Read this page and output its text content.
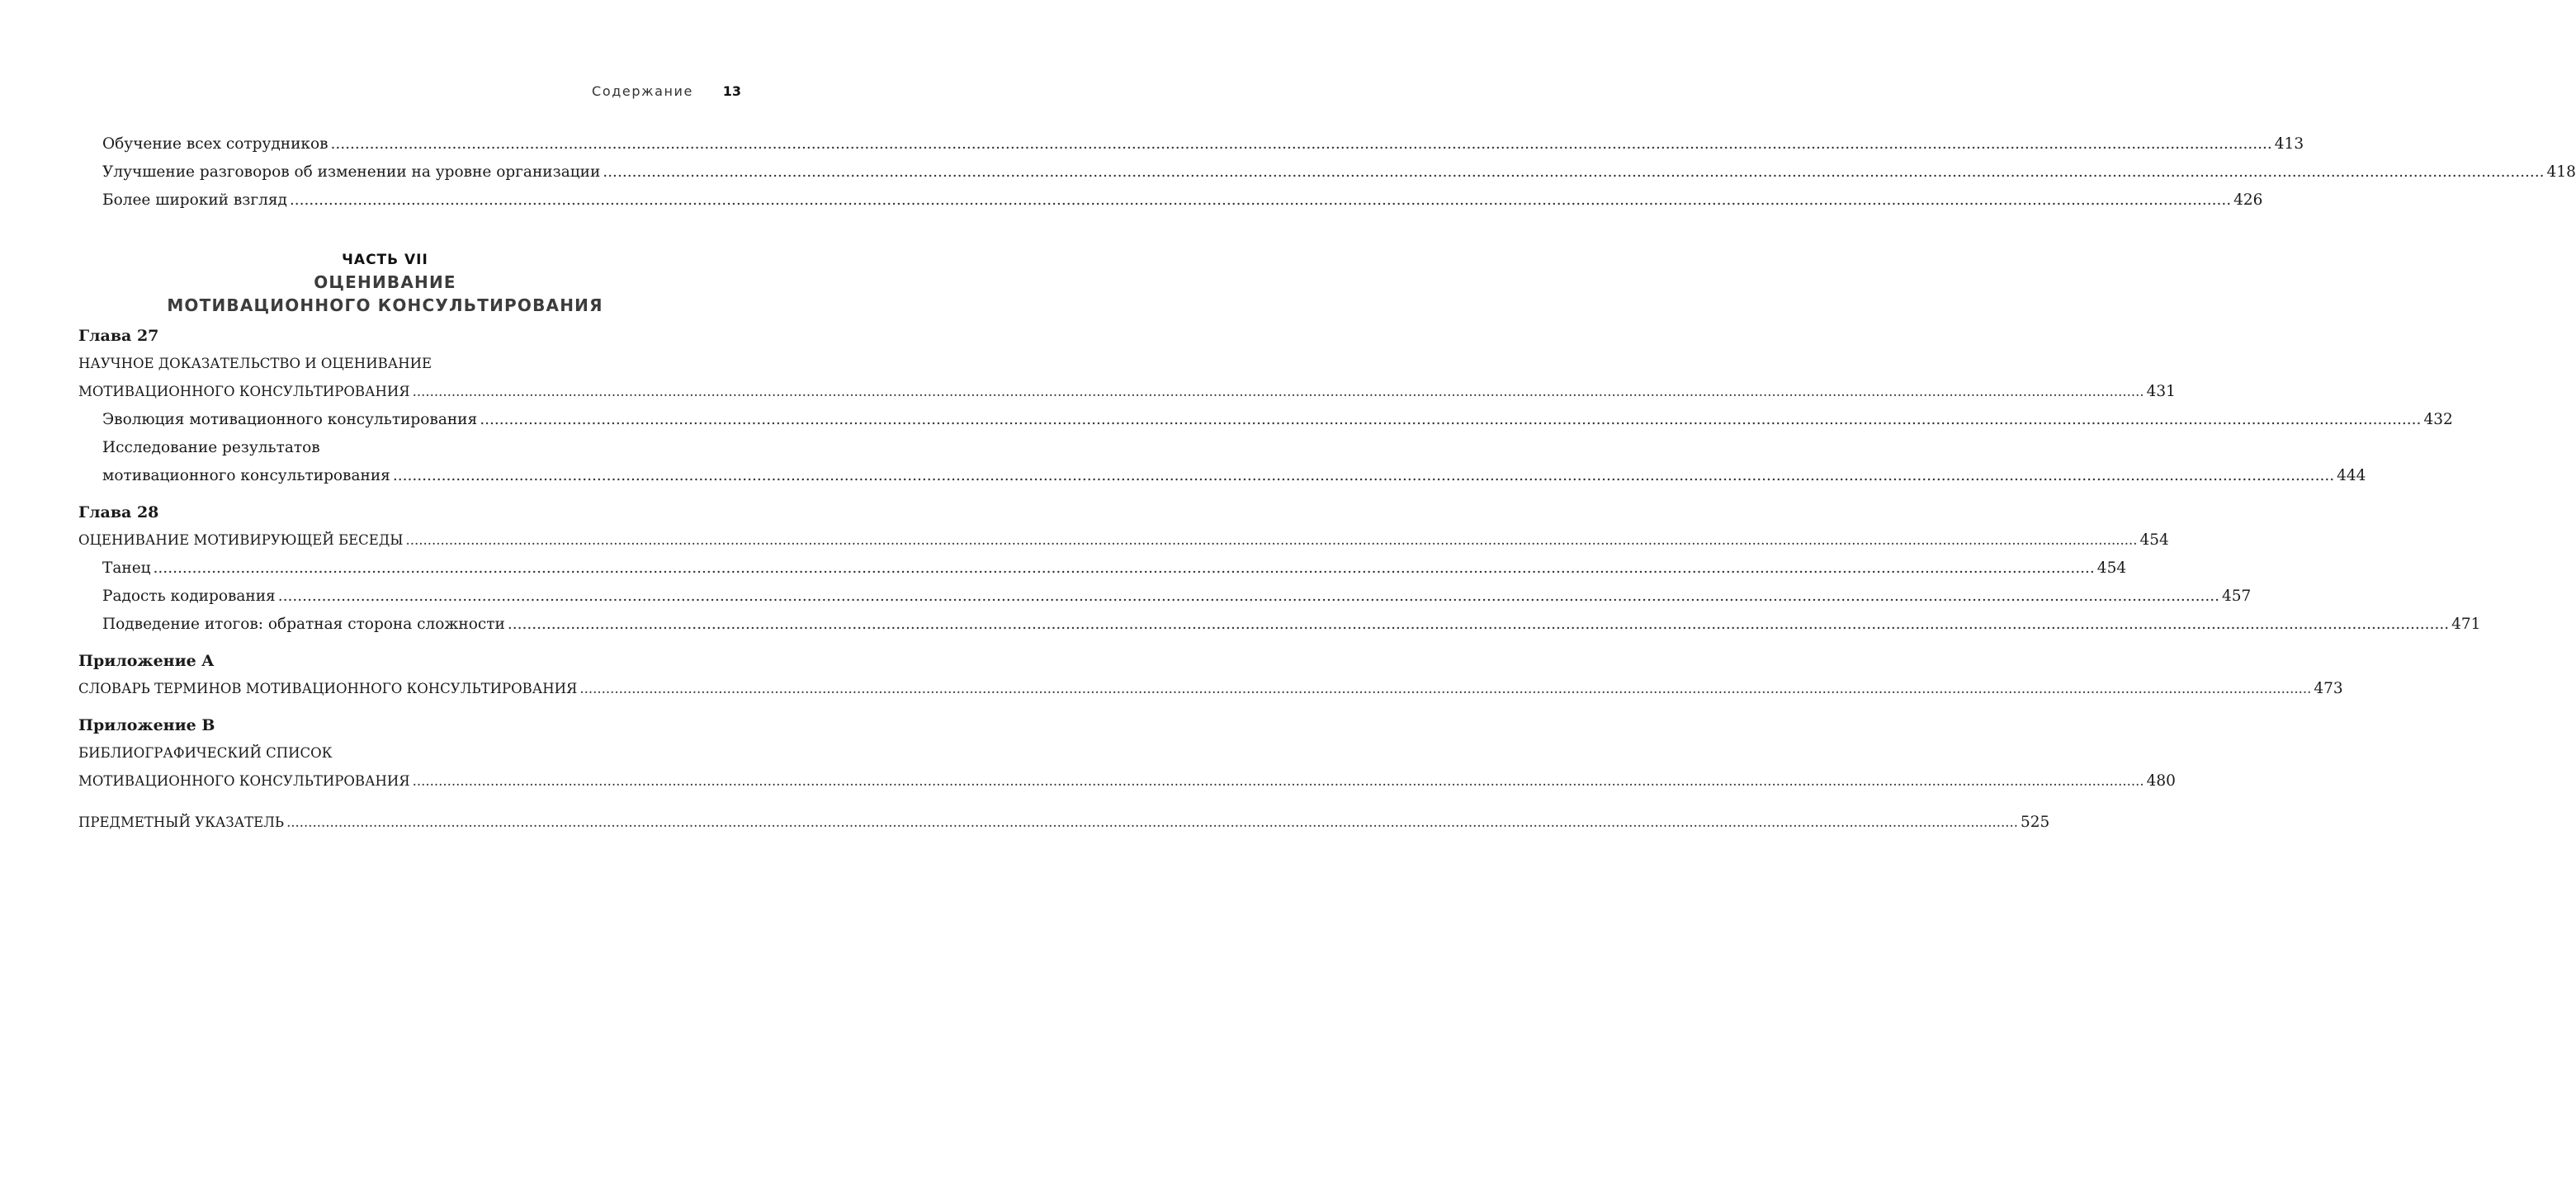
Содержание 13
Обучение всех сотрудников ................................................................................................................................................................................................................................................................................................................................................................................................................ 413
Улучшение разговоров об изменении на уровне организации ................................................................................................................................................................................................................................................................................................................................................................................................................ 418
Более широкий взгляд ................................................................................................................................................................................................................................................................................................................................................................................................................ 426
ЧАСТЬ VII
ОЦЕНИВАНИЕ
МОТИВАЦИОННОГО КОНСУЛЬТИРОВАНИЯ
Глава 27
НАУЧНОЕ ДОКАЗАТЕЛЬСТВО И ОЦЕНИВАНИЕ
МОТИВАЦИОННОГО КОНСУЛЬТИРОВАНИЯ ................................................................................................................................................................................................................................................................................................................................................................................................................ 431
Эволюция мотивационного консультирования ................................................................................................................................................................................................................................................................................................................................................................................................................ 432
Исследование результатов
мотивационного консультирования ................................................................................................................................................................................................................................................................................................................................................................................................................ 444
Глава 28
ОЦЕНИВАНИЕ МОТИВИРУЮЩЕЙ БЕСЕДЫ ................................................................................................................................................................................................................................................................................................................................................................................................................ 454
Танец ................................................................................................................................................................................................................................................................................................................................................................................................................ 454
Радость кодирования ................................................................................................................................................................................................................................................................................................................................................................................................................ 457
Подведение итогов: обратная сторона сложности ................................................................................................................................................................................................................................................................................................................................................................................................................ 471
Приложение A
СЛОВАРЬ ТЕРМИНОВ МОТИВАЦИОННОГО КОНСУЛЬТИРОВАНИЯ ................................................................................................................................................................................................................................................................................................................................................................................................................ 473
Приложение B
БИБЛИОГРАФИЧЕСКИЙ СПИСОК
МОТИВАЦИОННОГО КОНСУЛЬТИРОВАНИЯ ................................................................................................................................................................................................................................................................................................................................................................................................................ 480
ПРЕДМЕТНЫЙ УКАЗАТЕЛЬ ................................................................................................................................................................................................................................................................................................................................................................................................................ 525
